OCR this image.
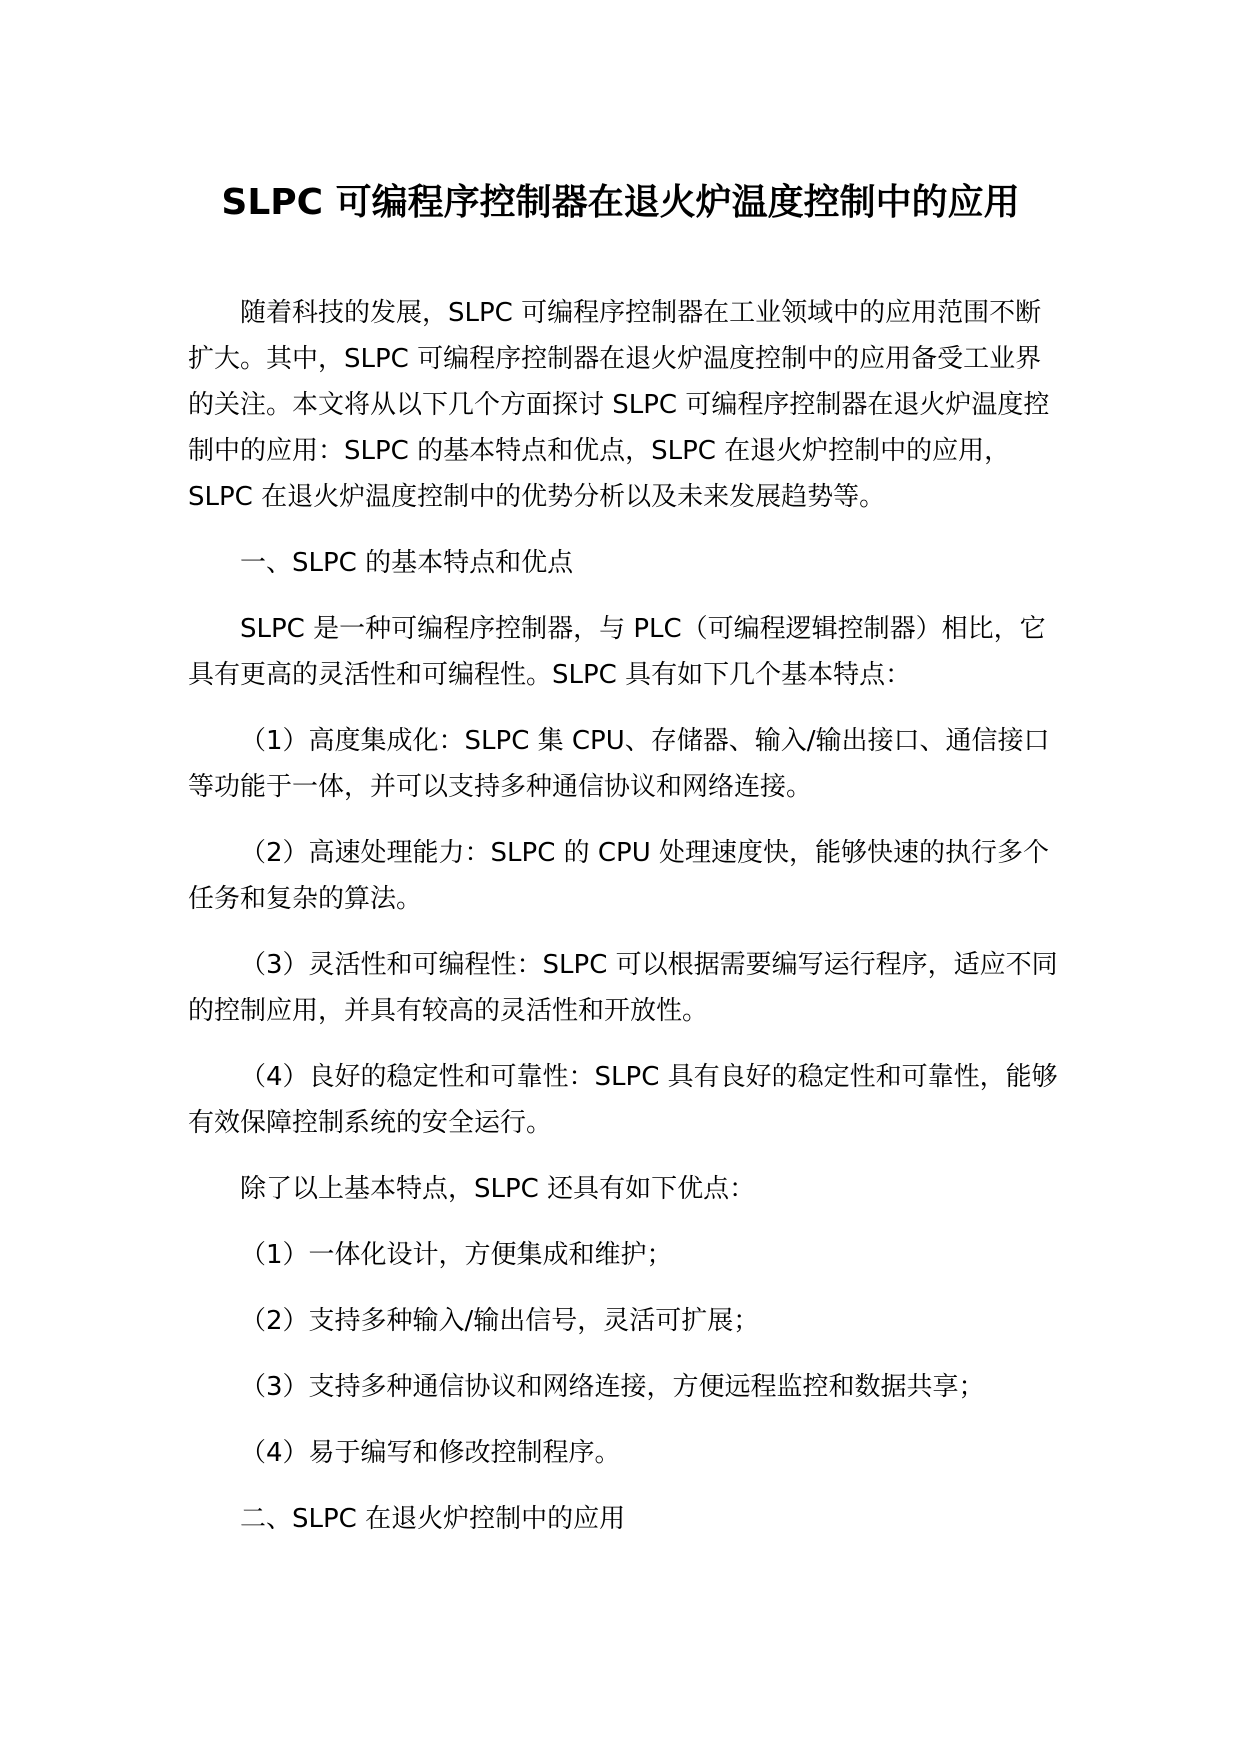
SLPC 可编程序控制器在退火炉温度控制中的应用

随着科技的发展，SLPC 可编程序控制器在工业领域中的应用范围不断扩大。其中，SLPC 可编程序控制器在退火炉温度控制中的应用备受工业界的关注。本文将从以下几个方面探讨 SLPC 可编程序控制器在退火炉温度控制中的应用：SLPC 的基本特点和优点，SLPC 在退火炉控制中的应用，SLPC 在退火炉温度控制中的优势分析以及未来发展趋势等。

一、SLPC 的基本特点和优点

SLPC 是一种可编程序控制器，与 PLC（可编程逻辑控制器）相比，它具有更高的灵活性和可编程性。SLPC 具有如下几个基本特点：

（1）高度集成化：SLPC 集 CPU、存储器、输入/输出接口、通信接口等功能于一体，并可以支持多种通信协议和网络连接。

（2）高速处理能力：SLPC 的 CPU 处理速度快，能够快速的执行多个任务和复杂的算法。

（3）灵活性和可编程性：SLPC 可以根据需要编写运行程序，适应不同的控制应用，并具有较高的灵活性和开放性。

（4）良好的稳定性和可靠性：SLPC 具有良好的稳定性和可靠性，能够有效保障控制系统的安全运行。

除了以上基本特点，SLPC 还具有如下优点：

（1）一体化设计，方便集成和维护；

（2）支持多种输入/输出信号，灵活可扩展；

（3）支持多种通信协议和网络连接，方便远程监控和数据共享；

（4）易于编写和修改控制程序。

二、SLPC 在退火炉控制中的应用
